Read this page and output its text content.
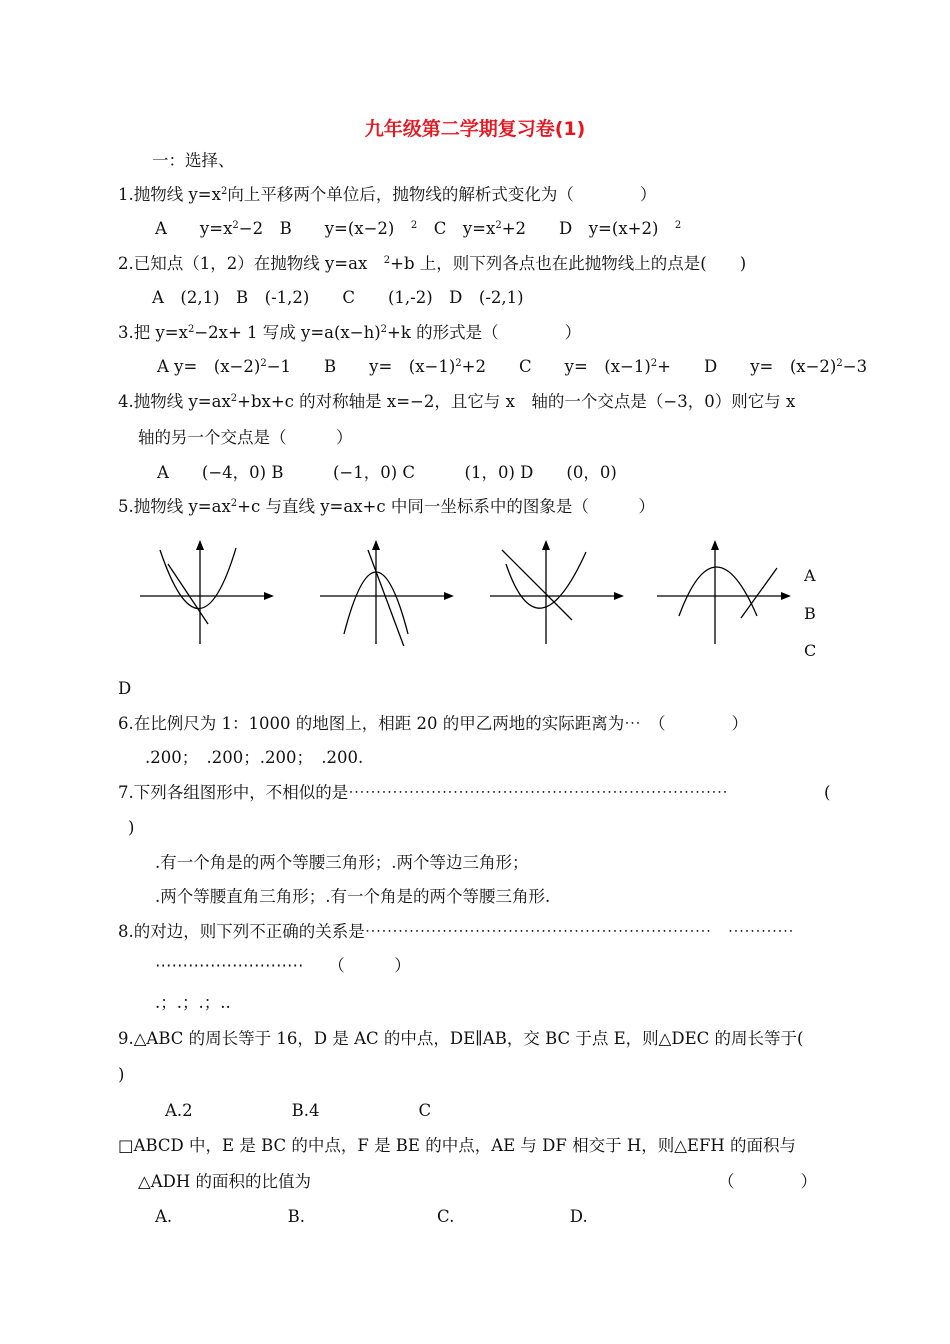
九年级第二学期复习卷(1)
一：选择、
1.抛物线 $y=x^2$向上平移两个单位后，抛物线的解析式变化为（　　　　）
A　　$y=x^2-2$　B　　y=(x−2)　$^2$　C　$y=x^2+2$　　D　y=(x+2)　$^2$
2.已知点（1，2）在抛物线 y=ax　$^2$+b 上，则下列各点也在此抛物线上的点是(　　)
A　(2,1)　B　(-1,2)　　C　　(1,-2)　D　(-2,1)
3.把 $y=x^2-2x+ 1$ 写成 $y=a(x-h)^2+k$ 的形式是（　　　　）
A y=　$(x-2)^2-1$　　B　　y=　$(x-1)^2+2$　　C　　y=　$(x-1)^2+$　　D　　y=　$(x-2)^2-3$
4.抛物线 $y=ax^2+bx+c$ 的对称轴是 x=−2，且它与 x　轴的一个交点是（−3，0）则它与 x
轴的另一个交点是（　　　）
A　　(−4，0) B　　　(−1，0) C　　　(1，0) D　　(0，0)
5.抛物线 $y=ax^2+c$ 与直线 y=ax+c 中同一坐标系中的图象是（　　　）
A
B
C
D
6.在比例尺为 1：1000 的地图上，相距 20 的甲乙两地的实际距离为⋯　（　　　　）
.200；　.200；.200；　.200.
7.下列各组图形中，不相似的是⋯⋯⋯⋯⋯⋯⋯⋯⋯⋯⋯⋯⋯⋯⋯⋯⋯⋯⋯⋯⋯⋯⋯	(
)
.有一个角是的两个等腰三角形；.两个等边三角形；
.两个等腰直角三角形；.有一个角是的两个等腰三角形.
8.的对边，则下列不正确的关系是⋯⋯⋯⋯⋯⋯⋯⋯⋯⋯⋯⋯⋯⋯⋯⋯⋯⋯⋯⋯⋯　⋯⋯⋯⋯
⋯⋯⋯⋯⋯⋯⋯⋯⋯　　（　　　）
.；.；.；..
9.△ABC 的周长等于 16，D 是 AC 的中点，DE∥AB，交 BC 于点 E，则△DEC 的周长等于(
)
A.2　　　　　　B.4　　　　　　C
□ABCD 中，E 是 BC 的中点，F 是 BE 的中点，AE 与 DF 相交于 H，则△EFH 的面积与
△ADH 的面积的比值为	（　　　　）
A.　　　　　　　B.　　　　　　　　C.　　　　　　　D.
